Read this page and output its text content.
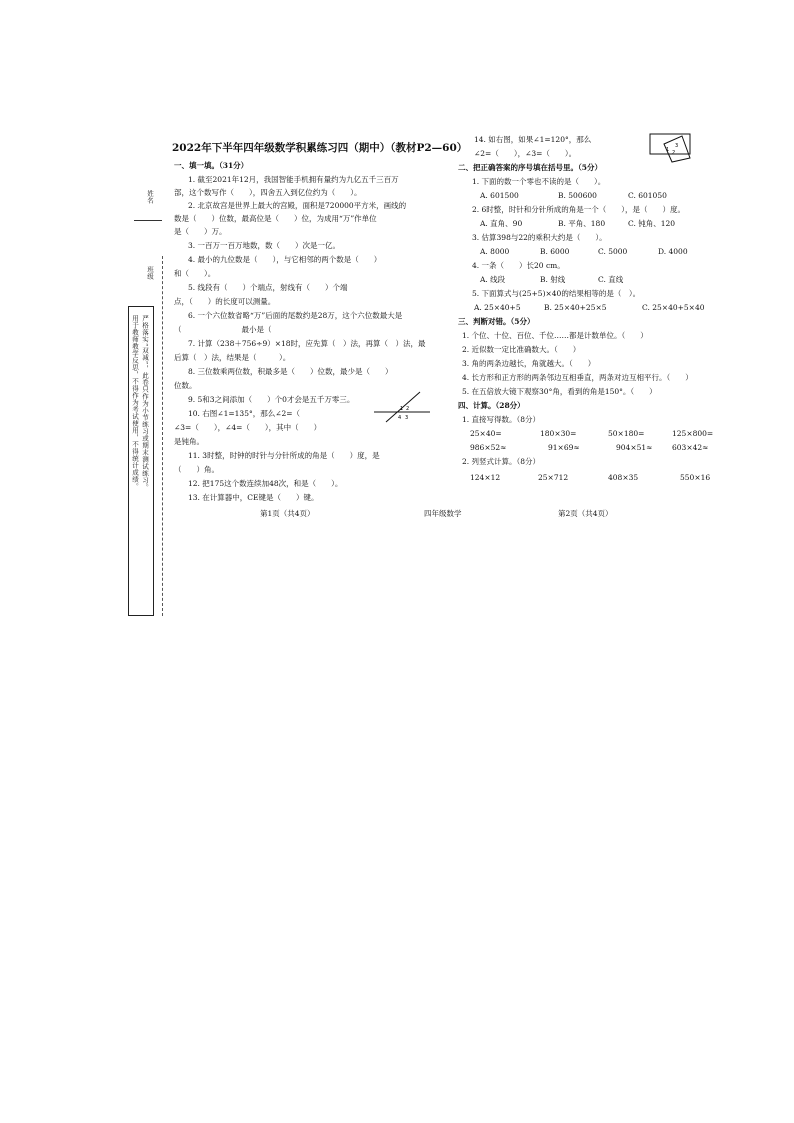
姓名
班级
严格落实“双减”，此卷只作为小节练习或期末测试练习。
用于教师教学反思，不得作为考试使用，不得统计成绩。
2022年下半年四年级数学积累练习四（期中）（教材P2—60）
一、填一填。（31分）
1. 截至2021年12月，我国智能手机拥有量约为九亿五千三百万
部，这个数写作（　　），四舍五入到亿位约为（　　）。
2. 北京故宫是世界上最大的宫殿，面积是720000平方米，画线的
数是（　　）位数，最高位是（　　）位，为成用“万”作单位
是（　　）万。
3. 一百万一百万地数，数（　　）次是一亿。
4. 最小的九位数是（　　），与它相邻的两个数是（　　）
和（　　）。
5. 线段有（　　）个端点，射线有（　　）个端
点，（　　）的长度可以测量。
6. 一个六位数省略“万”后面的尾数约是28万，这个六位数最大是
（　　　　　　　　最小是（
7. 计算（238＋756÷9）×18时，应先算（　）法，再算（　）法，最
后算（　）法，结果是（　　　）。
8. 三位数乘两位数，积最多是（　　）位数，最少是（　　）
位数。
9. 5和3之间添加（　　）个0才会是五千万零三。
10. 右图∠1=135°，那么∠2=（	1 2
4 3
∠3=（　　），∠4=（　　），其中（　　）
是钝角。
11. 3时整，时钟的时针与分针所成的角是（　　）度，是
（　　）角。
12. 把175这个数连续加48次，和是（　　）。
13. 在计算器中，CE键是（　　）键。
14. 如右图，如果∠1=120°，那么
∠2=（　　），∠3=（　　）。	1 2
3
二、把正确答案的序号填在括号里。（5分）
1. 下面的数一个零也不读的是（　　）。
A. 601500	B. 500600	C. 601050
2. 6时整，时针和分针所成的角是一个（　　），是（　　）度。
A. 直角、90	B. 平角、180	C. 钝角、120
3. 估算398与22的乘积大约是（　　）。
A. 8000	B. 6000	C. 5000	D. 4000
4. 一条（　　）长20 cm。
A. 线段	B. 射线	C. 直线
5. 下面算式与(25+5)×40的结果相等的是（　）。
A. 25×40+5	B. 25×40+25×5	C. 25×40+5×40
三、判断对错。（5分）
1. 个位、十位、百位、千位……都是计数单位。（　　）
2. 近似数一定比准确数大。（　　）
3. 角的两条边越长，角就越大。（　　）
4. 长方形和正方形的两条邻边互相垂直，两条对边互相平行。（　　）
5. 在五倍放大镜下观察30°角，看到的角是150°。（　　）
四、计算。（28分）
1. 直接写得数。（8分）
25×40=	180×30=	50×180=	125×800=
986×52≈	91×69≈	904×51≈	603×42≈
2. 列竖式计算。（8分）
124×12	25×712	408×35	550×16
第1页（共4页）	四年级数学	第2页（共4页）
